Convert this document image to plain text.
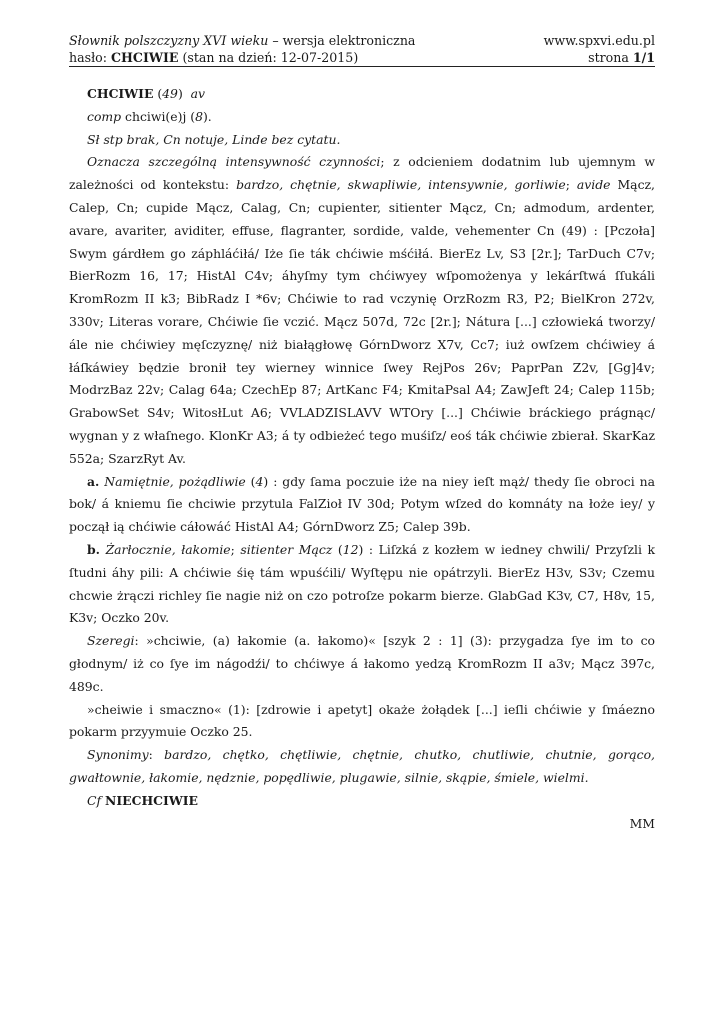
Słownik polszczyzny XVI wieku – wersja elektroniczna	www.spxvi.edu.pl
hasło: CHCIWIE (stan na dzień: 12-07-2015)	strona 1/1

CHCIWIE (49)  av

comp chciwi(e)j (8).

Sł stp brak, Cn notuje, Linde bez cytatu.

Oznacza szczególną intensywność czynności; z odcieniem dodatnim lub ujemnym w zależności od kontekstu: bardzo, chętnie, skwapliwie, intensywnie, gorliwie; avide Mącz, Calep, Cn; cupide Mącz, Calag, Cn; cupienter, sitienter Mącz, Cn; admodum, ardenter, avare, avariter, aviditer, effuse, flagranter, sordide, valde, vehementer Cn (49) : [Pczoła] Swym gárdłem go záphláćiłá/ Iże ſie ták chćiwie mśćiłá. BierEz Lv, S3 [2r.]; TarDuch C7v; BierRozm 16, 17; HistAl C4v; áhyſmy tym chćiwyey wſpomożenya y lekárſtwá ſſukáli KromRozm II k3; BibRadz I *6v; Chćiwie to rad vczynię OrzRozm R3, P2; BielKron 272v, 330v; Literas vorare, Chćiwie ſie vczić. Mącz 507d, 72c [2r.]; Nátura [...] człowieká tworzy/ ále nie chćiwiey męſczyznę/ niż białągłowę GórnDworz X7v, Cc7; iuż owſzem chćiwiey á łáſkáwiey będzie bronił tey wierney winnice ſwey RejPos 26v; PaprPan Z2v, [Gg]4v; ModrzBaz 22v; Calag 64a; CzechEp 87; ArtKanc F4; KmitaPsal A4; ZawJeft 24; Calep 115b; GrabowSet S4v; WitosłLut A6; VVLADZISLAVV WTOry [...] Chćiwie bráckiego prágnąc/ wygnan y z właſnego. KlonKr A3; á ty odbieżeć tego muśiſz/ eoś ták chćiwie zbierał. SkarKaz 552a; SzarzRyt Av.

a. Namiętnie, pożądliwie (4) : gdy ſama poczuie iże na niey ieſt mąż/ thedy ſie obroci na bok/ á kniemu ſie chciwie przytula FalZioł IV 30d; Potym wſzed do komnáty na łoże iey/ y począł ią chćiwie cáłowáć HistAl A4; GórnDworz Z5; Calep 39b.

b. Żarłocznie, łakomie; sitienter Mącz (12) : Liſzká z kozłem w iedney chwili/ Przyſzli k ſtudni áhy pili: A chćiwie śię tám wpuśćili/ Wyſtępu nie opátrzyli. BierEz H3v, S3v; Czemu chcwie żrączi richley ſie nagie niż on czo potroſze pokarm bierze. GlabGad K3v, C7, H8v, 15, K3v; Oczko 20v.

Szeregi: »chciwie, (a) łakomie (a. łakomo)« [szyk 2 : 1] (3): przygadza ſye im to co głodnym/ iż co ſye im nágodźi/ to chćiwye á łakomo yedzą KromRozm II a3v; Mącz 397c, 489c.

»cheiwie i smacznо« (1): [zdrowie i apetyt] okaże żołądek [...] ieſli chćiwie y ſmáezno pokarm przyymuie Oczko 25.

Synonimy: bardzo, chętko, chętliwie, chętnie, chutko, chutliwie, chutnie, gorąco, gwałtownie, łakomie, nędznie, popędliwie, plugawie, silnie, skąpie, śmiele, wielmi.

Cf NIECHCIWIE

MM
